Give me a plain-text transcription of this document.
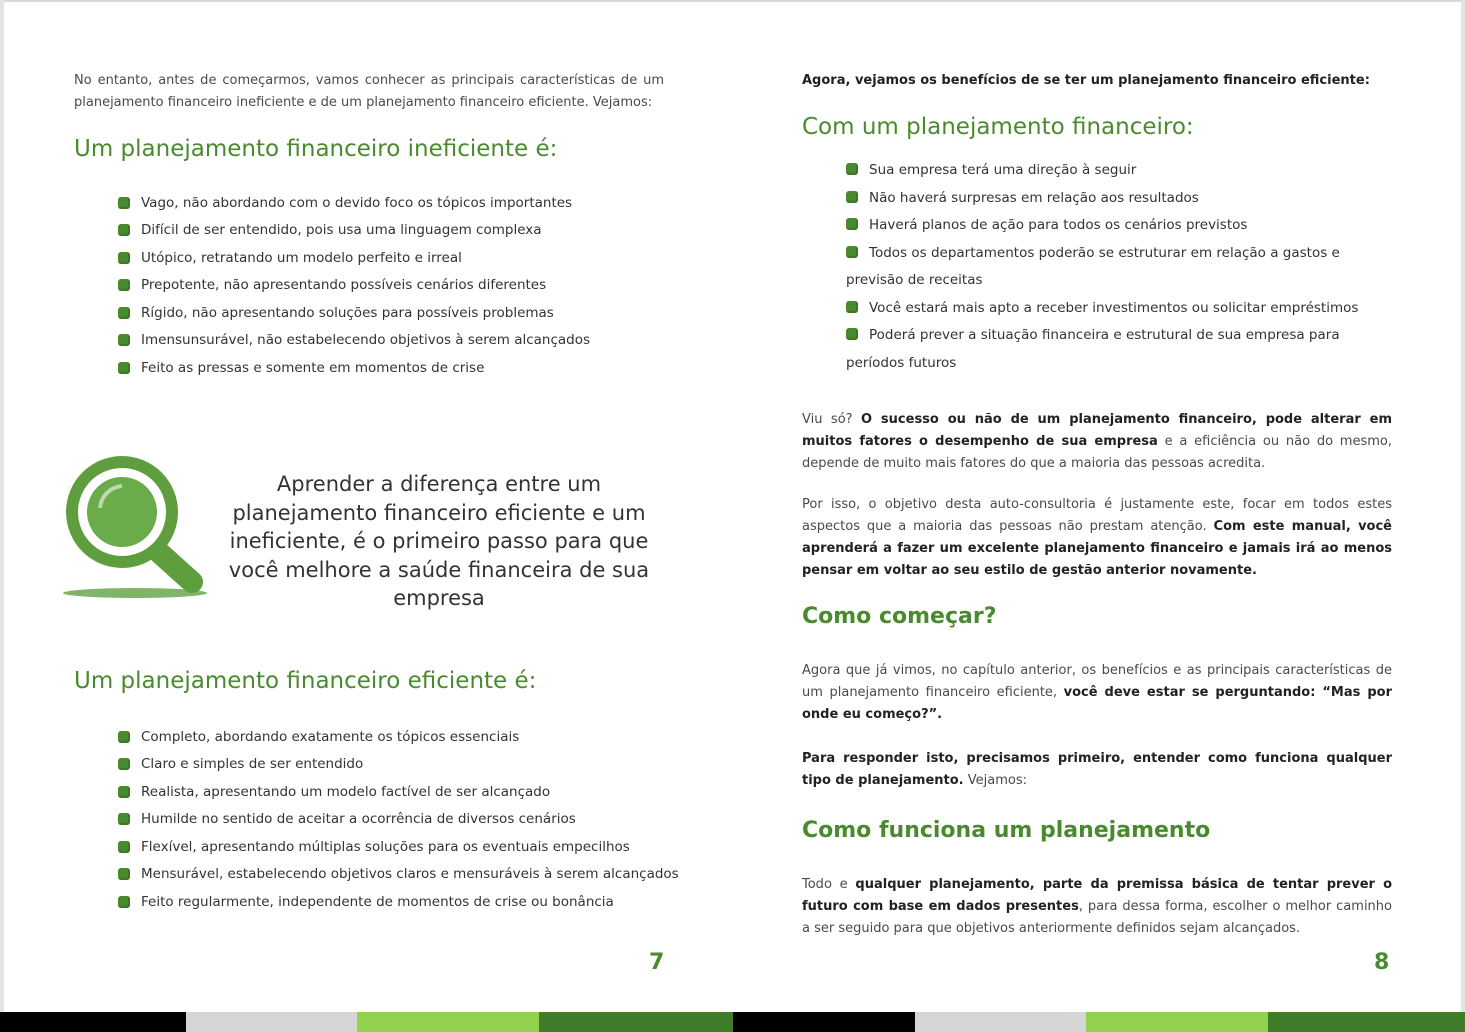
No entanto, antes de começarmos, vamos conhecer as principais características de um planejamento financeiro ineficiente e de um planejamento financeiro eficiente. Vejamos:

Um planejamento financeiro ineficiente é:
Vago, não abordando com o devido foco os tópicos importantes
Difícil de ser entendido, pois usa uma linguagem complexa
Utópico, retratando um modelo perfeito e irreal
Prepotente, não apresentando possíveis cenários diferentes
Rígido, não apresentando soluções para possíveis problemas
Imensunsurável, não estabelecendo objetivos à serem alcançados
Feito as pressas e somente em momentos de crise
Aprender a diferença entre um planejamento financeiro eficiente e um ineficiente, é o primeiro passo para que você melhore a saúde financeira de sua empresa
Um planejamento financeiro eficiente é:
Completo, abordando exatamente os tópicos essenciais
Claro e simples de ser entendido
Realista, apresentando um modelo factível de ser alcançado
Humilde no sentido de aceitar a ocorrência de diversos cenários
Flexível, apresentando múltiplas soluções para os eventuais empecilhos
Mensurável, estabelecendo objetivos claros e mensuráveis à serem alcançados
Feito regularmente, independente de momentos de crise ou bonância
7

Agora, vejamos os benefícios de se ter um planejamento financeiro eficiente:

Com um planejamento financeiro:
Sua empresa terá uma direção à seguir
Não haverá surpresas em relação aos resultados
Haverá planos de ação para todos os cenários previstos
Todos os departamentos poderão se estruturar em relação a gastos e previsão de receitas
Você estará mais apto a receber investimentos ou solicitar empréstimos
Poderá prever a situação financeira e estrutural de sua empresa para períodos futuros

Viu só? O sucesso ou não de um planejamento financeiro, pode alterar em muitos fatores o desempenho de sua empresa e a eficiência ou não do mesmo, depende de muito mais fatores do que a maioria das pessoas acredita.

Por isso, o objetivo desta auto-consultoria é justamente este, focar em todos estes aspectos que a maioria das pessoas não prestam atenção. Com este manual, você aprenderá a fazer um excelente planejamento financeiro e jamais irá ao menos pensar em voltar ao seu estilo de gestão anterior novamente.

Como começar?

Agora que já vimos, no capítulo anterior, os benefícios e as principais características de um planejamento financeiro eficiente, você deve estar se perguntando: “Mas por onde eu começo?”.

Para responder isto, precisamos primeiro, entender como funciona qualquer tipo de planejamento. Vejamos:

Como funciona um planejamento

Todo e qualquer planejamento, parte da premissa básica de tentar prever o futuro com base em dados presentes, para dessa forma, escolher o melhor caminho a ser seguido para que objetivos anteriormente definidos sejam alcançados.

8
